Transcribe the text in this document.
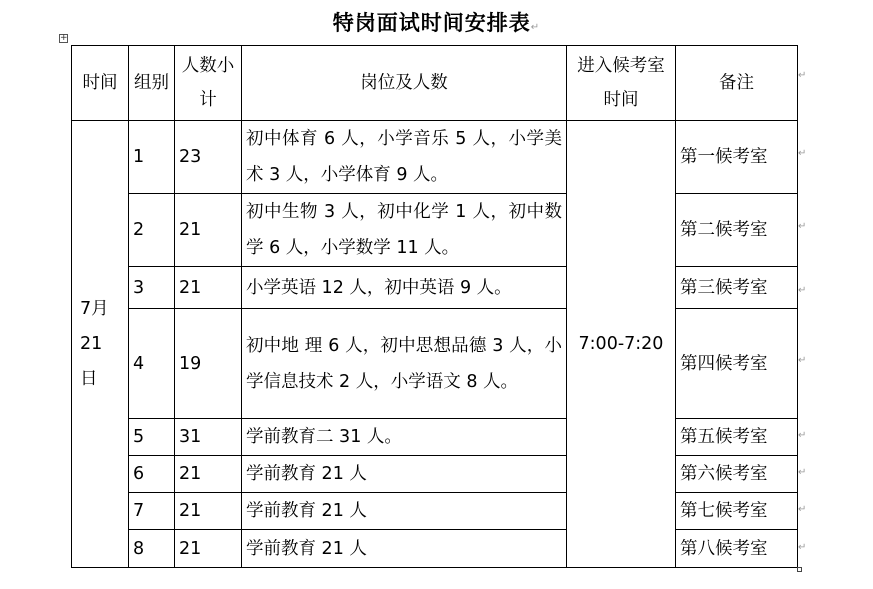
特岗面试时间安排表↵
+
时间	组别	人数小计	岗位及人数	进入候考室时间	备注
7月21日	1	23	初中体育 6 人，小学音乐 5 人，小学美术 3 人，小学体育 9 人。	7:00-7:20	第一候考室
	2	21	初中生物 3 人，初中化学 1 人，初中数学 6 人，小学数学 11 人。		第二候考室
	3	21	小学英语 12 人，初中英语 9 人。		第三候考室
	4	19	初中地 理 6 人，初中思想品德 3 人，小学信息技术 2 人，小学语文 8 人。		第四候考室
	5	31	学前教育二 31 人。		第五候考室
	6	21	学前教育 21 人		第六候考室
	7	21	学前教育 21 人		第七候考室
	8	21	学前教育 21 人		第八候考室
↵
↵
↵
↵
↵
↵
↵
↵
↵
